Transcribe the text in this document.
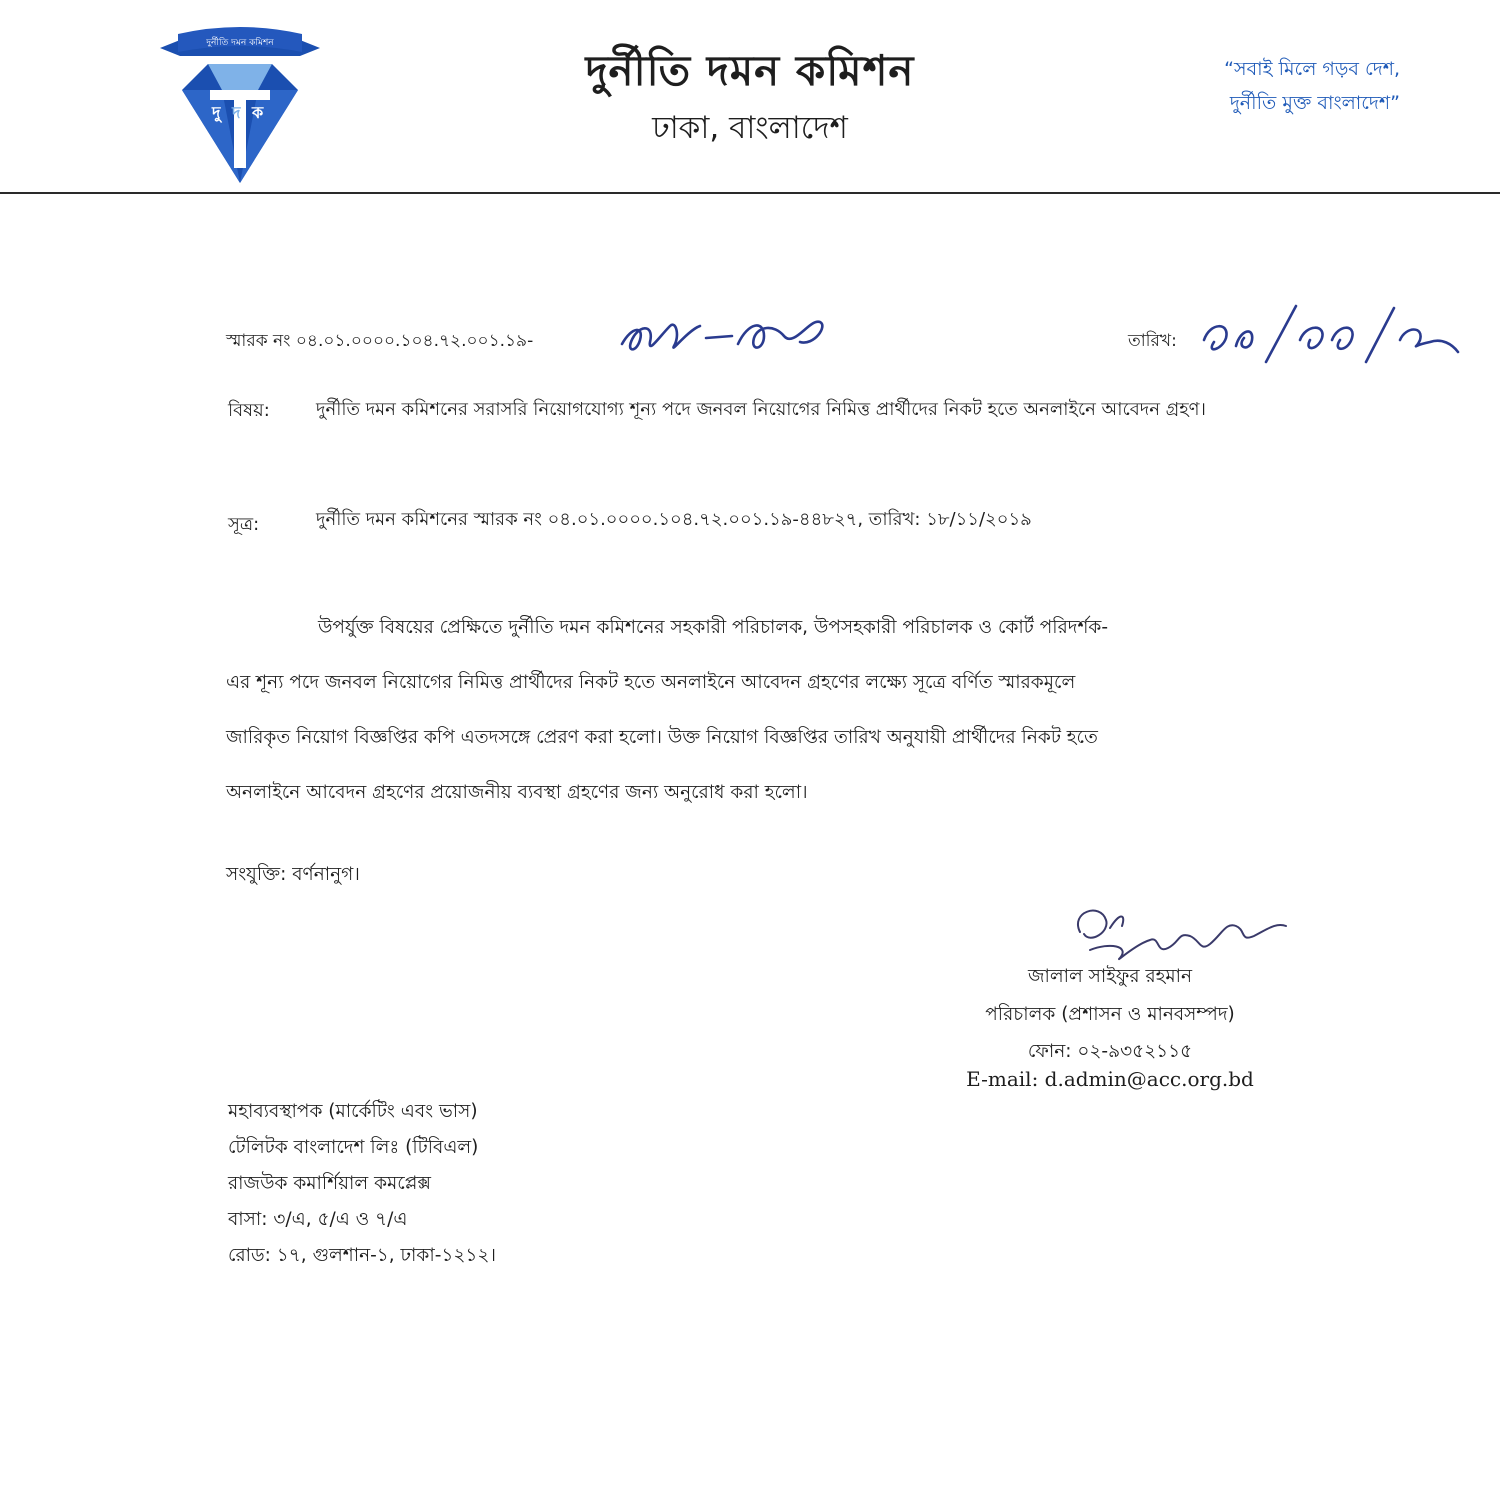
দু দ ক
দুর্নীতি দমন কমিশন
দুর্নীতি দমন কমিশন
ঢাকা, বাংলাদেশ
“সবাই মিলে গড়ব দেশ,
দুর্নীতি মুক্ত বাংলাদেশ”
স্মারক নং ০৪.০১.০০০০.১০৪.৭২.০০১.১৯-	তারিখ:
বিষয়:	দুর্নীতি দমন কমিশনের সরাসরি নিয়োগযোগ্য শূন্য পদে জনবল নিয়োগের নিমিত্ত প্রার্থীদের নিকট হতে অনলাইনে আবেদন গ্রহণ।
সূত্র:	দুর্নীতি দমন কমিশনের স্মারক নং ০৪.০১.০০০০.১০৪.৭২.০০১.১৯-৪৪৮২৭, তারিখ: ১৮/১১/২০১৯
উপর্যুক্ত বিষয়ের প্রেক্ষিতে দুর্নীতি দমন কমিশনের সহকারী পরিচালক, উপসহকারী পরিচালক ও কোর্ট পরিদর্শক-
এর শূন্য পদে জনবল নিয়োগের নিমিত্ত প্রার্থীদের নিকট হতে অনলাইনে আবেদন গ্রহণের লক্ষ্যে সূত্রে বর্ণিত স্মারকমূলে
জারিকৃত নিয়োগ বিজ্ঞপ্তির কপি এতদসঙ্গে প্রেরণ করা হলো। উক্ত নিয়োগ বিজ্ঞপ্তির তারিখ অনুযায়ী প্রার্থীদের নিকট হতে
অনলাইনে আবেদন গ্রহণের প্রয়োজনীয় ব্যবস্থা গ্রহণের জন্য অনুরোধ করা হলো।
সংযুক্তি: বর্ণনানুগ।
জালাল সাইফুর রহমান
পরিচালক (প্রশাসন ও মানবসম্পদ)
ফোন: ০২-৯৩৫২১১৫
E-mail: d.admin@acc.org.bd
মহাব্যবস্থাপক (মার্কেটিং এবং ভাস)
টেলিটক বাংলাদেশ লিঃ (টিবিএল)
রাজউক কমার্শিয়াল কমপ্লেক্স
বাসা: ৩/এ, ৫/এ ও ৭/এ
রোড: ১৭, গুলশান-১, ঢাকা-১২১২।
